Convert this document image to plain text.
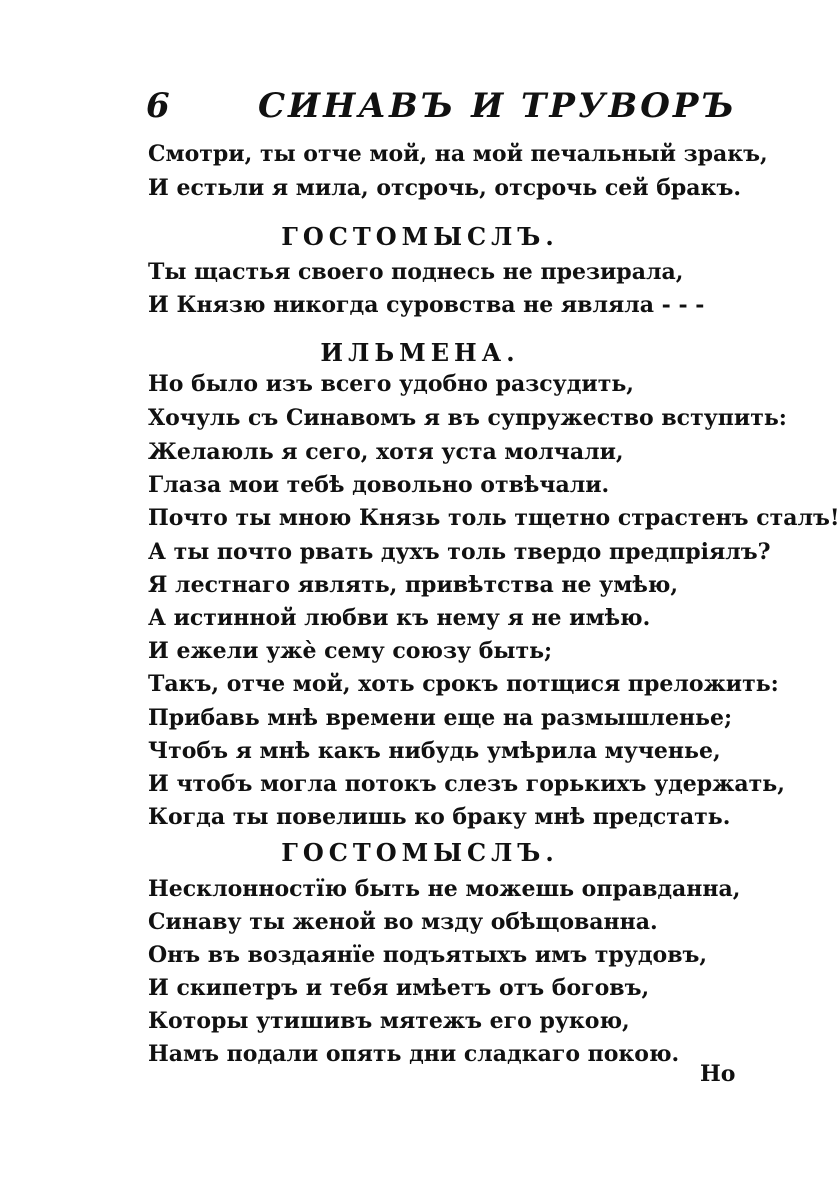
6	СИНАВЪ И ТРУВОРЪ
Смотри, ты отче мой, на мой печальный зракъ,
И естьли я мила, отсрочь, отсрочь сей бракъ.
ГОСТОМЫСЛЪ.
Ты щастья своего поднесь не презирала,
И Князю никогда суровства не являла - - -
ИЛЬМЕНА.
Но было изъ всего удобно разсудить,
Хочуль съ Синавомъ я въ супружество вступить:
Желаюль я сего, хотя уста молчали,
Глаза мои тебѣ довольно отвѣчали.
Почто ты мною Князь толь тщетно страстенъ сталъ!
А ты почто рвать духъ толь твердо предпріялъ?
Я лестнаго являть, привѣтства не умѣю,
А истинной любви къ нему я не имѣю.
И ежели ужè сему союзу быть;
Такъ, отче мой, хоть срокъ потщися преложить:
Прибавь мнѣ времени еще на размышленье;
Чтобъ я мнѣ какъ нибудь умѣрила мученье,
И чтобъ могла потокъ слезъ горькихъ удержать,
Когда ты повелишь ко браку мнѣ предстать.
ГОСТОМЫСЛЪ.
Несклонностїю быть не можешь оправданна,
Синаву ты женой во мзду обѣщованна.
Онъ въ воздаянїе подъятыхъ имъ трудовъ,
И скипетръ и тебя имѣетъ отъ боговъ,
Которы утишивъ мятежъ его рукою,
Намъ подали опять дни сладкаго покою.
Но
